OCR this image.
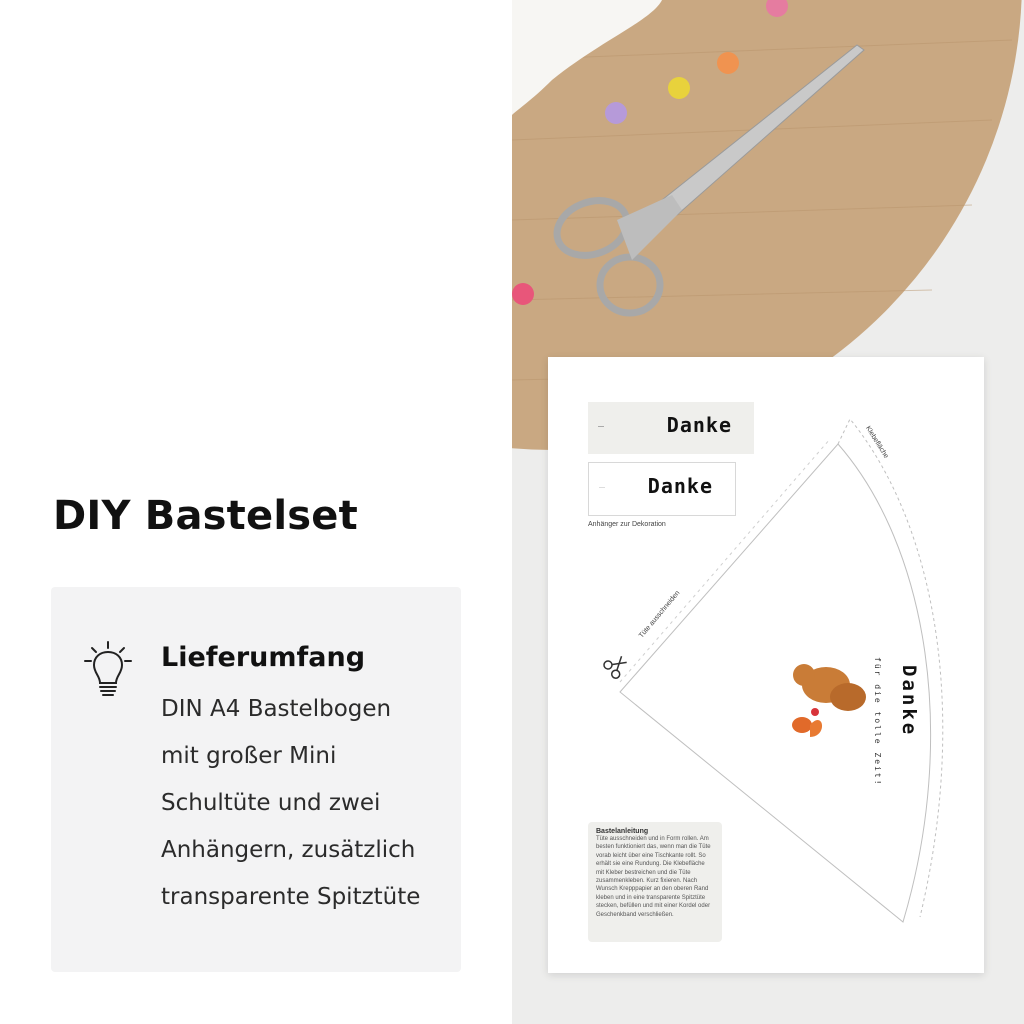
DIY Bastelset
Lieferumfang
DIN A4 Bastelbogen
mit großer Mini
Schultüte und zwei
Anhängern, zusätzlich
transparente Spitztüte
Danke
Danke
Anhänger zur Dekoration
Tüte ausschneiden
Klebefläche
für die tolle Zeit! Danke
Bastelanleitung
Tüte ausschneiden und in Form rollen. Am besten funktioniert das, wenn man die Tüte vorab leicht über eine Tischkante rollt. So erhält sie eine Rundung. Die Klebefläche mit Kleber bestreichen und die Tüte zusammenkleben. Kurz fixieren. Nach Wunsch Krepppapier an den oberen Rand kleben und in eine transparente Spitztüte stecken, befüllen und mit einer Kordel oder Geschenkband verschließen.
